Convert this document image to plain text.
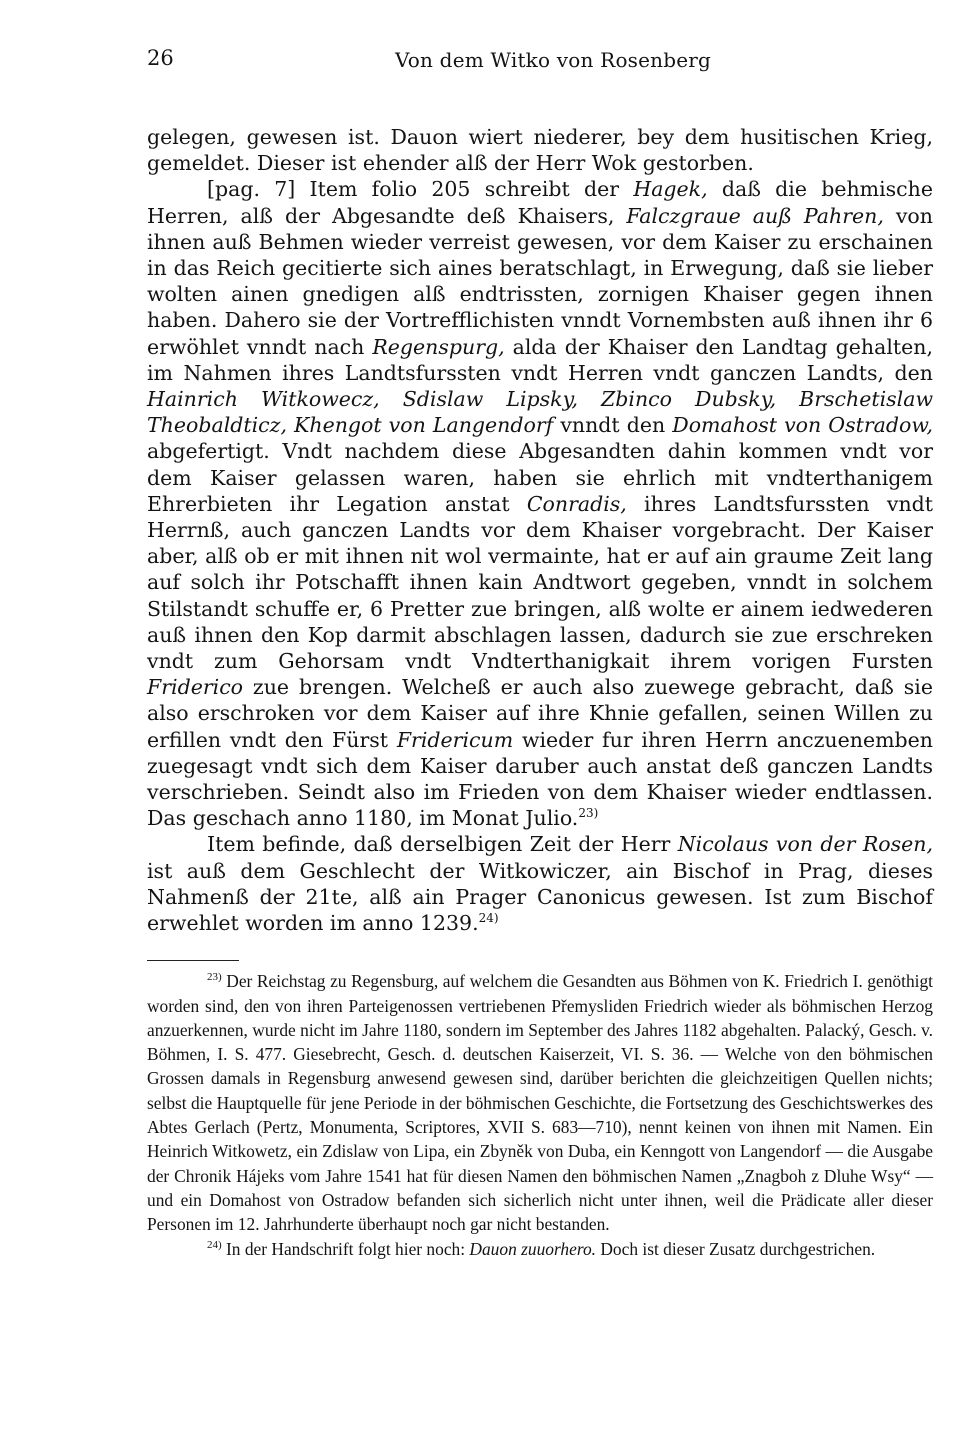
26	Von dem Witko von Rosenberg

gelegen, gewesen ist. Dauon wiert niederer, bey dem husitischen Krieg, gemeldet. Dieser ist ehender alß der Herr Wok gestorben.

[pag. 7] Item folio 205 schreibt der Hagek, daß die behmische Herren, alß der Abgesandte deß Khaisers, Falczgraue auß Pahren, von ihnen auß Behmen wieder verreist gewesen, vor dem Kaiser zu erschainen in das Reich gecitierte sich aines beratschlagt, in Erwegung, daß sie lieber wolten ainen gnedigen alß endtrissten, zornigen Khaiser gegen ihnen haben. Dahero sie der Vortrefflichisten vnndt Vornembsten auß ihnen ihr 6 erwöhlet vnndt nach Regenspurg, alda der Khaiser den Landtag gehalten, im Nahmen ihres Landtsfurssten vndt Herren vndt ganczen Landts, den Hainrich Witkowecz, Sdislaw Lipsky, Zbinco Dubsky, Brschetislaw Theobaldticz, Khengot von Langendorf vnndt den Domahost von Ostradow, abgefertigt. Vndt nachdem diese Abgesandten dahin kommen vndt vor dem Kaiser gelassen waren, haben sie ehrlich mit vndterthanigem Ehrerbieten ihr Legation anstat Conradis, ihres Landtsfurssten vndt Herrnß, auch ganczen Landts vor dem Khaiser vorgebracht. Der Kaiser aber, alß ob er mit ihnen nit wol vermainte, hat er auf ain graume Zeit lang auf solch ihr Potschafft ihnen kain Andtwort gegeben, vnndt in solchem Stilstandt schuffe er, 6 Pretter zue bringen, alß wolte er ainem iedwederen auß ihnen den Kop darmit abschlagen lassen, dadurch sie zue erschreken vndt zum Gehorsam vndt Vndterthanigkait ihrem vorigen Fursten Friderico zue brengen. Welcheß er auch also zuewege gebracht, daß sie also erschroken vor dem Kaiser auf ihre Khnie gefallen, seinen Willen zu erfillen vndt den Fürst Fridericum wieder fur ihren Herrn anczuenemben zuegesagt vndt sich dem Kaiser daruber auch anstat deß ganczen Landts verschrieben. Seindt also im Frieden von dem Khaiser wieder endtlassen. Das geschach anno 1180, im Monat Julio.$^{23)}$

Item befinde, daß derselbigen Zeit der Herr Nicolaus von der Rosen, ist auß dem Geschlecht der Witkowiczer, ain Bischof in Prag, dieses Nahmenß der 21te, alß ain Prager Canonicus gewesen. Ist zum Bischof erwehlet worden im anno 1239.$^{24)}$

$^{23)}$ Der Reichstag zu Regensburg, auf welchem die Gesandten aus Böhmen von K. Friedrich I. genöthigt worden sind, den von ihren Parteigenossen vertriebenen Přemysliden Friedrich wieder als böhmischen Herzog anzuerkennen, wurde nicht im Jahre 1180, sondern im September des Jahres 1182 abgehalten. Palacký, Gesch. v. Böhmen, I. S. 477. Giesebrecht, Gesch. d. deutschen Kaiserzeit, VI. S. 36. — Welche von den böhmischen Grossen damals in Regensburg anwesend gewesen sind, darüber berichten die gleichzeitigen Quellen nichts; selbst die Hauptquelle für jene Periode in der böhmischen Geschichte, die Fortsetzung des Geschichtswerkes des Abtes Gerlach (Pertz, Monumenta, Scriptores, XVII S. 683—710), nennt keinen von ihnen mit Namen. Ein Heinrich Witkowetz, ein Zdislaw von Lipa, ein Zbyněk von Duba, ein Kenngott von Langendorf — die Ausgabe der Chronik Hájeks vom Jahre 1541 hat für diesen Namen den böhmischen Namen „Znagboh z Dluhe Wsy“ — und ein Domahost von Ostradow befanden sich sicherlich nicht unter ihnen, weil die Prädicate aller dieser Personen im 12. Jahrhunderte überhaupt noch gar nicht bestanden.

$^{24)}$ In der Handschrift folgt hier noch: Dauon zuuorhero. Doch ist dieser Zusatz durchgestrichen.
